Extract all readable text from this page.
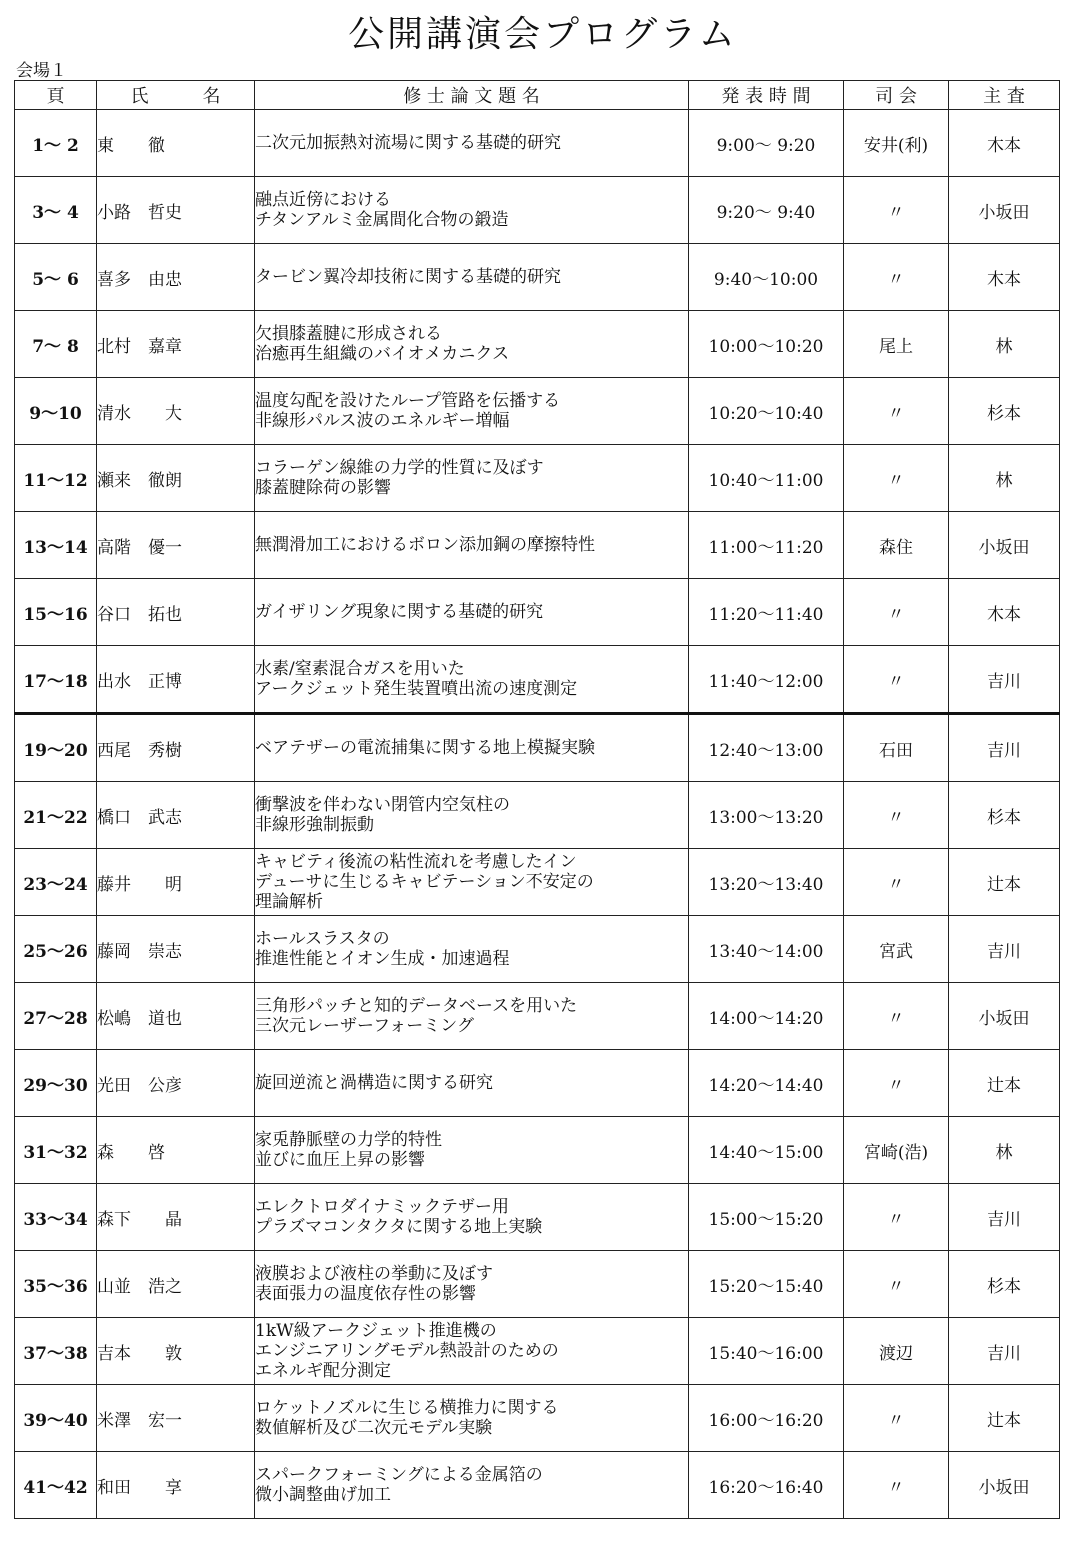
公開講演会プログラム
会場１
頁	氏　　　名	修 士 論 文 題 名	発 表 時 間	司 会	主 査
1～ 2	東　　徹	二次元加振熱対流場に関する基礎的研究	9:00～ 9:20	安井(利)	木本
3～ 4	小路　哲史	融点近傍における
チタンアルミ金属間化合物の鍛造	9:20～ 9:40	〃	小坂田
5～ 6	喜多　由忠	タービン翼冷却技術に関する基礎的研究	9:40～10:00	〃	木本
7～ 8	北村　嘉章	欠損膝蓋腱に形成される
治癒再生組織のバイオメカニクス	10:00～10:20	尾上	林
9～10	清水　　大	温度勾配を設けたループ管路を伝播する
非線形パルス波のエネルギー増幅	10:20～10:40	〃	杉本
11～12	瀬来　徹朗	コラーゲン線維の力学的性質に及ぼす
膝蓋腱除荷の影響	10:40～11:00	〃	林
13～14	高階　優一	無潤滑加工におけるボロン添加鋼の摩擦特性	11:00～11:20	森住	小坂田
15～16	谷口　拓也	ガイザリング現象に関する基礎的研究	11:20～11:40	〃	木本
17～18	出水　正博	水素/窒素混合ガスを用いた
アークジェット発生装置噴出流の速度測定	11:40～12:00	〃	吉川
19～20	西尾　秀樹	ベアテザーの電流捕集に関する地上模擬実験	12:40～13:00	石田	吉川
21～22	橋口　武志	衝撃波を伴わない閉管内空気柱の
非線形強制振動	13:00～13:20	〃	杉本
23～24	藤井　　明	キャビティ後流の粘性流れを考慮したイン
デューサに生じるキャビテーション不安定の
理論解析	13:20～13:40	〃	辻本
25～26	藤岡　崇志	ホールスラスタの
推進性能とイオン生成・加速過程	13:40～14:00	宮武	吉川
27～28	松嶋　道也	三角形パッチと知的データベースを用いた
三次元レーザーフォーミング	14:00～14:20	〃	小坂田
29～30	光田　公彦	旋回逆流と渦構造に関する研究	14:20～14:40	〃	辻本
31～32	森　　啓	家兎静脈壁の力学的特性
並びに血圧上昇の影響	14:40～15:00	宮崎(浩)	林
33～34	森下　　晶	エレクトロダイナミックテザー用
プラズマコンタクタに関する地上実験	15:00～15:20	〃	吉川
35～36	山並　浩之	液膜および液柱の挙動に及ぼす
表面張力の温度依存性の影響	15:20～15:40	〃	杉本
37～38	吉本　　敦	1kW級アークジェット推進機の
エンジニアリングモデル熱設計のための
エネルギ配分測定	15:40～16:00	渡辺	吉川
39～40	米澤　宏一	ロケットノズルに生じる横推力に関する
数値解析及び二次元モデル実験	16:00～16:20	〃	辻本
41～42	和田　　享	スパークフォーミングによる金属箔の
微小調整曲げ加工	16:20～16:40	〃	小坂田
